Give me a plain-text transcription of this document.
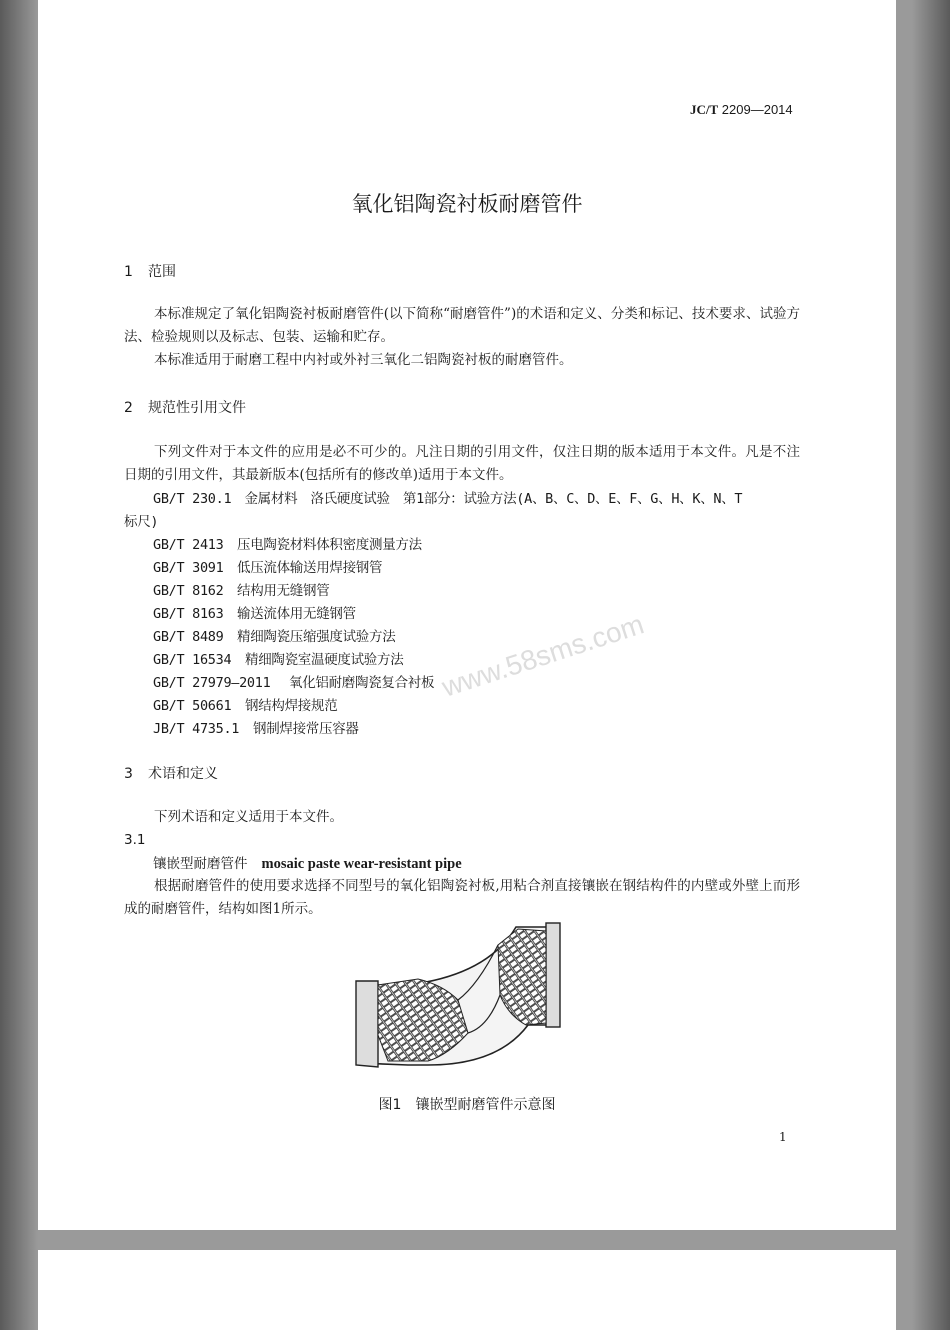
JC/T 2209—2014
氧化铝陶瓷衬板耐磨管件
1 范围
本标准规定了氧化铝陶瓷衬板耐磨管件(以下简称“耐磨管件”)的术语和定义、分类和标记、技术要求、试验方法、检验规则以及标志、包装、运输和贮存。
本标准适用于耐磨工程中内衬或外衬三氧化二铝陶瓷衬板的耐磨管件。
2 规范性引用文件
下列文件对于本文件的应用是必不可少的。凡注日期的引用文件，仅注日期的版本适用于本文件。凡是不注日期的引用文件，其最新版本(包括所有的修改单)适用于本文件。
GB/T 230.1　 金属材料　洛氏硬度试验　第1部分：试验方法(A、B、C、D、E、F、G、H、K、N、T
标尺)
GB/T 2413 压电陶瓷材料体积密度测量方法
GB/T 3091 低压流体输送用焊接钢管
GB/T 8162 结构用无缝钢管
GB/T 8163 输送流体用无缝钢管
GB/T 8489 精细陶瓷压缩强度试验方法
GB/T 16534 精细陶瓷室温硬度试验方法
GB/T 27979—2011 氧化铝耐磨陶瓷复合衬板
GB/T 50661 钢结构焊接规范
JB/T 4735.1 钢制焊接常压容器
www.58sms.com
3 术语和定义
下列术语和定义适用于本文件。
3.1
镶嵌型耐磨管件 mosaic paste wear-resistant pipe
根据耐磨管件的使用要求选择不同型号的氧化铝陶瓷衬板,用粘合剂直接镶嵌在钢结构件的内壁或外壁上而形成的耐磨管件，结构如图1所示。
图1　镶嵌型耐磨管件示意图
1
